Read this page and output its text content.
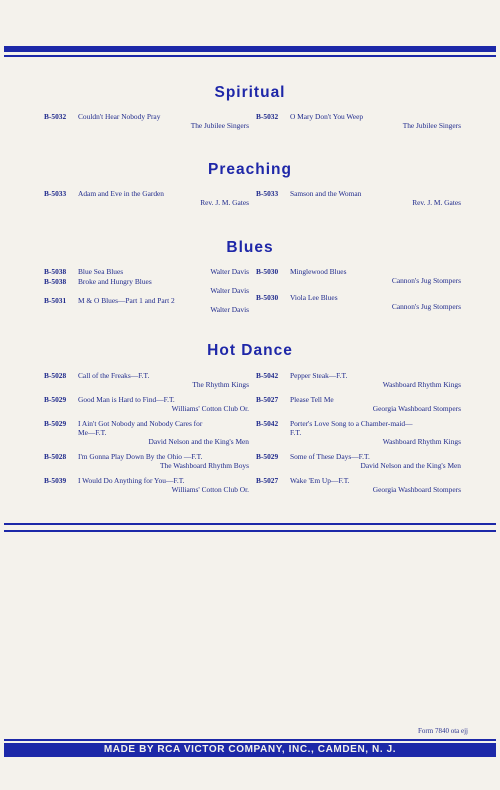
Spiritual
B-5032	Couldn't Hear Nobody Pray
The Jubilee Singers
B-5032	O Mary Don't You Weep
The Jubilee Singers
Preaching
B-5033	Adam and Eve in the Garden
Rev. J. M. Gates
B-5033	Samson and the Woman
Rev. J. M. Gates
Blues
B-5038	Blue Sea Blues	Walter Davis
B-5038	Broke and Hungry Blues
Walter Davis
B-5031	M & O Blues—Part 1 and Part 2
Walter Davis
B-5030	Minglewood Blues
Cannon's Jug Stompers
B-5030	Viola Lee Blues
Cannon's Jug Stompers
Hot Dance
B-5028	Call of the Freaks—F.T.
The Rhythm Kings
B-5029	Good Man is Hard to Find—F.T.
Williams' Cotton Club Or.
B-5029	I Ain't Got Nobody and Nobody Cares for Me—F.T.
David Nelson and the King's Men
B-5028	I'm Gonna Play Down By the Ohio —F.T.
The Washboard Rhythm Boys
B-5039	I Would Do Anything for You—F.T.
Williams' Cotton Club Or.
B-5042	Pepper Steak—F.T.
Washboard Rhythm Kings
B-5027	Please Tell Me
Georgia Washboard Stompers
B-5042	Porter's Love Song to a Chamber-maid—F.T.
Washboard Rhythm Kings
B-5029	Some of These Days—F.T.
David Nelson and the King's Men
B-5027	Wake 'Em Up—F.T.
Georgia Washboard Stompers
Form 7840 ota ejj
MADE BY RCA VICTOR COMPANY, INC., CAMDEN, N. J.
